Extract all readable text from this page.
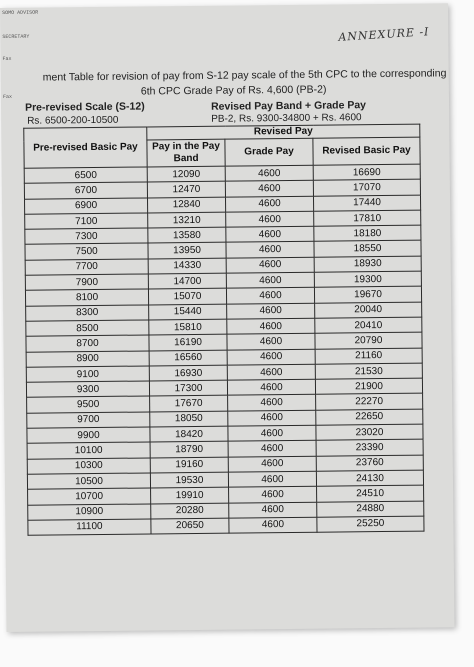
SOMO ADVISOR
SECRETARY
Fax
Fax
ANNEXURE -I
ment Table for revision of pay from S-12 pay scale of the 5th CPC to the corresponding
6th CPC Grade Pay of Rs. 4,600 (PB-2)
Pre-revised Scale (S-12)
Rs. 6500-200-10500
Revised Pay Band + Grade Pay
PB-2, Rs. 9300-34800 + Rs. 4600
Pre-revised Basic Pay	Revised Pay		
	Pay in the Pay Band	Grade Pay	Revised Basic Pay
6500	12090	4600	16690
6700	12470	4600	17070
6900	12840	4600	17440
7100	13210	4600	17810
7300	13580	4600	18180
7500	13950	4600	18550
7700	14330	4600	18930
7900	14700	4600	19300
8100	15070	4600	19670
8300	15440	4600	20040
8500	15810	4600	20410
8700	16190	4600	20790
8900	16560	4600	21160
9100	16930	4600	21530
9300	17300	4600	21900
9500	17670	4600	22270
9700	18050	4600	22650
9900	18420	4600	23020
10100	18790	4600	23390
10300	19160	4600	23760
10500	19530	4600	24130
10700	19910	4600	24510
10900	20280	4600	24880
11100	20650	4600	25250
